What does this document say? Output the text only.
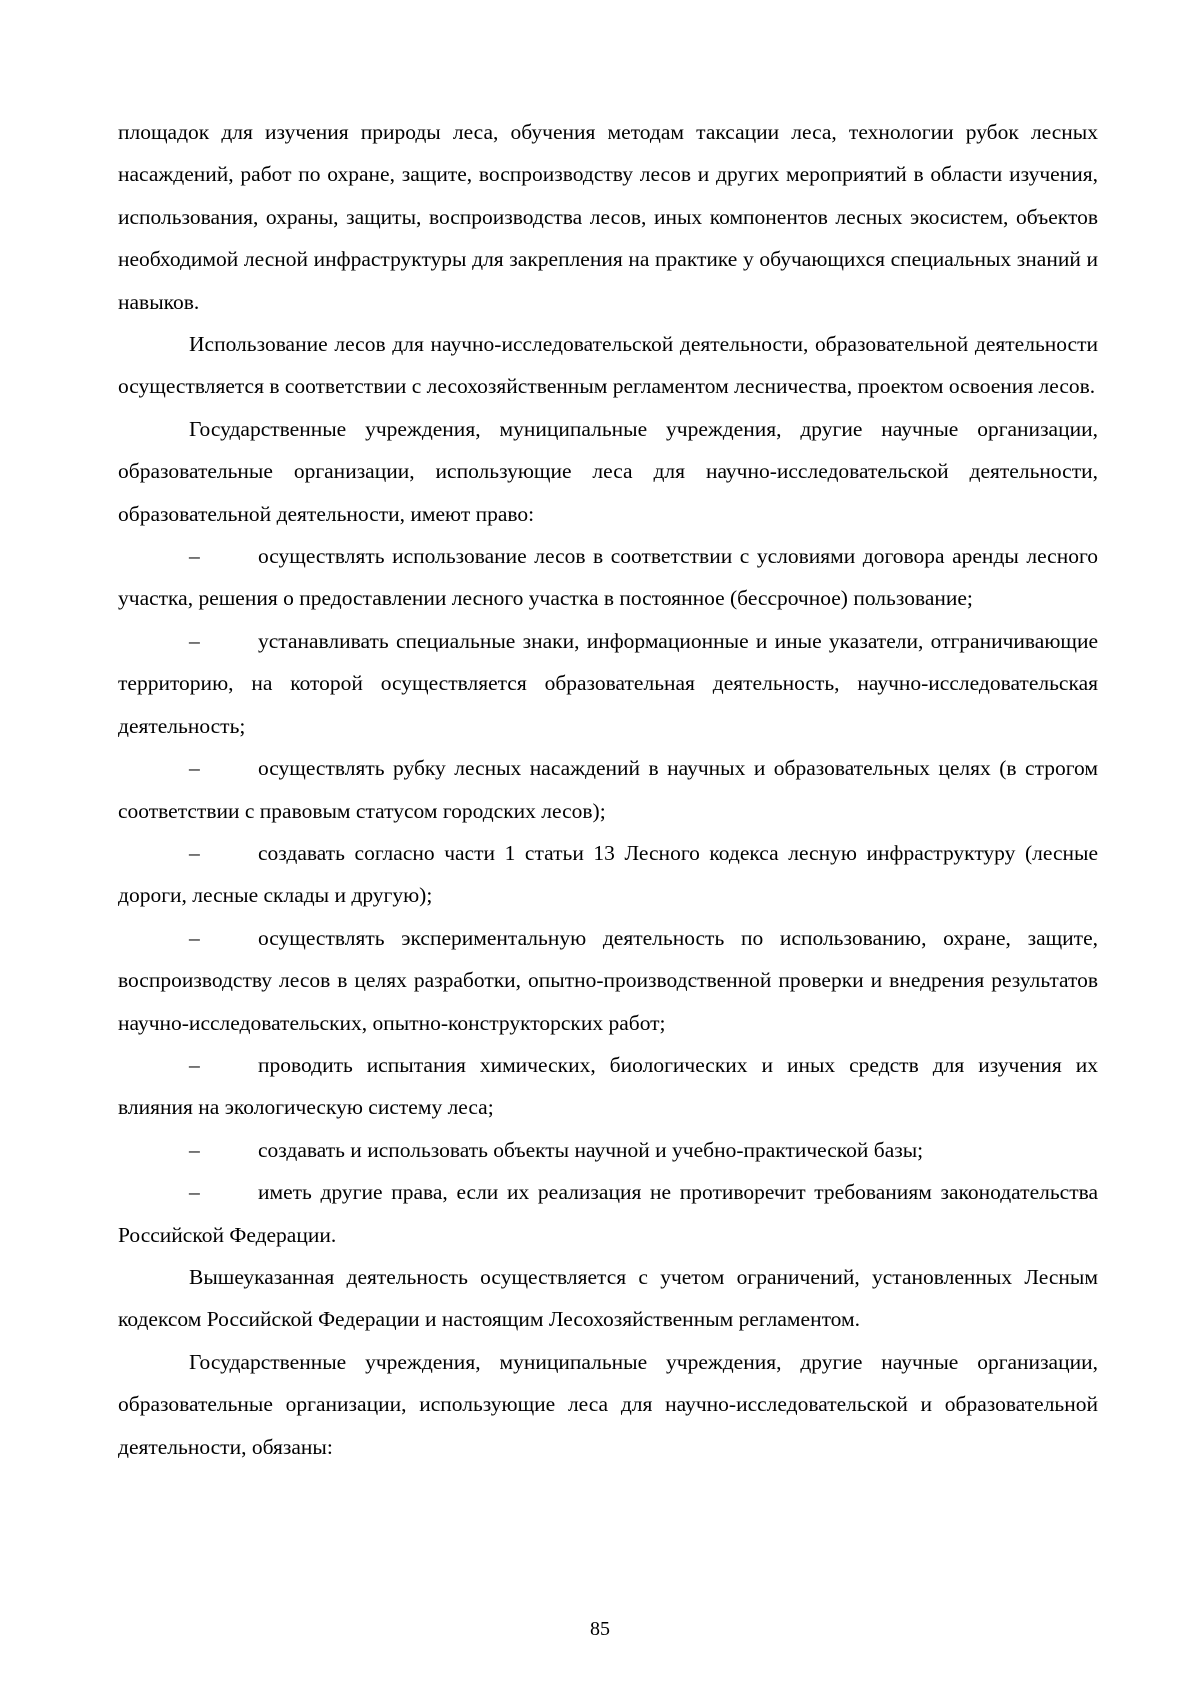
площадок для изучения природы леса, обучения методам таксации леса, технологии рубок лесных насаждений, работ по охране, защите, воспроизводству лесов и других мероприятий в области изучения, использования, охраны, защиты, воспроизводства лесов, иных компонентов лесных экосистем, объектов необходимой лесной инфраструктуры для закрепления на практике у обучающихся специальных знаний и навыков.

Использование лесов для научно-исследовательской деятельности, образовательной деятельности осуществляется в соответствии с лесохозяйственным регламентом лесничества, проектом освоения лесов.

Государственные учреждения, муниципальные учреждения, другие научные организации, образовательные организации, использующие леса для научно-исследовательской деятельности, образовательной деятельности, имеют право:

–	осуществлять использование лесов в соответствии с условиями договора аренды лесного участка, решения о предоставлении лесного участка в постоянное (бессрочное) пользование;

–	устанавливать специальные знаки, информационные и иные указатели, отграничивающие территорию, на которой осуществляется образовательная деятельность, научно-исследовательская деятельность;

–	осуществлять рубку лесных насаждений в научных и образовательных целях (в строгом соответствии с правовым статусом городских лесов);

–	создавать согласно части 1 статьи 13 Лесного кодекса лесную инфраструктуру (лесные дороги, лесные склады и другую);

–	осуществлять экспериментальную деятельность по использованию, охране, защите, воспроизводству лесов в целях разработки, опытно-производственной проверки и внедрения результатов научно-исследовательских, опытно-конструкторских работ;

–	проводить испытания химических, биологических и иных средств для изучения их влияния на экологическую систему леса;

–	создавать и использовать объекты научной и учебно-практической базы;

–	иметь другие права, если их реализация не противоречит требованиям законодательства Российской Федерации.

Вышеуказанная деятельность осуществляется с учетом ограничений, установленных Лесным кодексом Российской Федерации и настоящим Лесохозяйственным регламентом.

Государственные учреждения, муниципальные учреждения, другие научные организации, образовательные организации, использующие леса для научно-исследовательской и образовательной деятельности, обязаны:

85
